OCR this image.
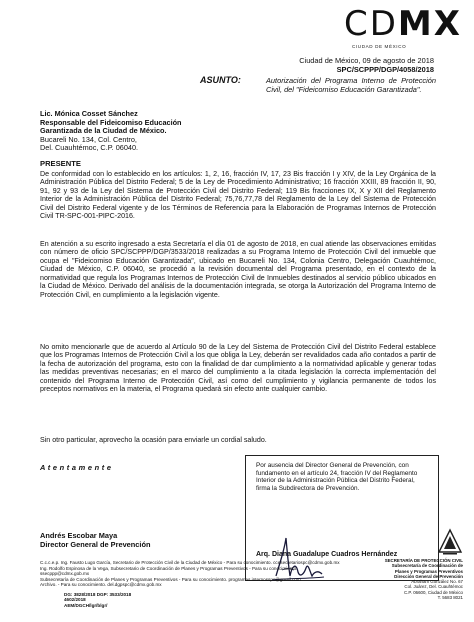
CDMX
CIUDAD DE MÉXICO
Ciudad de México, 09 de agosto de 2018
SPC/SCPPP/DGP/4058/2018
ASUNTO:	Autorización del Programa Interno de Protección Civil, del "Fideicomiso Educación Garantizada".
Lic. Mónica Cosset Sánchez
Responsable del Fideicomiso Educación
Garantizada de la Ciudad de México.
Bucareli No. 134, Col. Centro,
Del. Cuauhtémoc, C.P. 06040.
PRESENTE
De conformidad con lo establecido en los artículos: 1, 2, 16, fracción IV, 17, 23 Bis fracción I y XIV, de la Ley Orgánica de la Administración Pública del Distrito Federal; 5 de la Ley de Procedimiento Administrativo; 16 fracción XXIII, 89 fracción II, 90, 91, 92 y 93 de la Ley del Sistema de Protección Civil del Distrito Federal; 119 Bis fracciones IX, X y XII del Reglamento Interior de la Administración Pública del Distrito Federal; 75,76,77,78 del Reglamento de la Ley del Sistema de Protección Civil del Distrito Federal vigente y de los Términos de Referencia para la Elaboración de Programas Internos de Protección Civil TR-SPC-001-PIPC-2016.
En atención a su escrito ingresado a esta Secretaría el día 01 de agosto de 2018, en cual atiende las observaciones emitidas con número de oficio SPC/SCPPP/DGP/3533/2018 realizadas a su Programa Interno de Protección Civil del inmueble que ocupa el "Fideicomiso Educación Garantizada", ubicado en Bucareli No. 134, Colonia Centro, Delegación Cuauhtémoc, Ciudad de México, C.P. 06040, se procedió a la revisión documental del Programa presentado, en el contexto de la normatividad que regula los Programas Internos de Protección Civil de Inmuebles destinados al servicio público ubicados en la Ciudad de México. Derivado del análisis de la documentación integrada, se otorga la Autorización del Programa Interno de Protección Civil, en cumplimiento a la legislación vigente.
No omito mencionarle que de acuerdo al Artículo 90 de la Ley del Sistema de Protección Civil del Distrito Federal establece que los Programas Internos de Protección Civil a los que obliga la Ley, deberán ser revalidados cada año contados a partir de la fecha de autorización del programa, esto con la finalidad de dar cumplimiento a la normatividad aplicable y generar todas las medidas preventivas necesarias; en el marco del cumplimiento a la citada legislación la correcta implementación del contenido del Programa Interno de Protección Civil, así como del cumplimiento y vigilancia permanente de todos los preceptos normativos en la materia, el Programa quedará sin efecto ante cualquier cambio.
Sin otro particular, aprovecho la ocasión para enviarle un cordial saludo.
A t e n t a m e n t e	Por ausencia del Director General de Prevención, con fundamento en el artículo 24, fracción IV del Reglamento Interior de la Administración Pública del Distrito Federal, firma la Subdirectora de Prevención.
Arq. Diana Guadalupe Cuadros Hernández
Andrés Escobar Maya
Director General de Prevención
C.c.c.e.p. Ing. Fausto Lugo García, Secretario de Protección Civil de la Ciudad de México - Para su conocimiento. ccesecretariospc@cdmx.gob.mx
Ing. Rodolfo Espinosa de la Vega, Subsecretario de Coordinación de Planes y Programas Preventivos - Para su conocimiento. ssecppp@cdmx.gob.mx
Subsecretaría de Coordinación de Planes y Programas Preventivos - Para su conocimiento. programas.internosspc@gmail.com
Archivo. - Para su conocimiento. del.dgpspc@cdmx.gob.mx
DG: 3828/2018 DGP: 3533/2018
4602/2018
AEM/DGCH/lgr/blgr/
SECRETARÍA DE PROTECCIÓN CIVIL
Subsecretaría de Coordinación de
Planes y Programas Preventivos
Dirección General de Prevención
Abraham González No. 67
Col. Juárez, Del. Cuauhtémoc
C.P. 06600, Ciudad de México
T. 5683 8021
